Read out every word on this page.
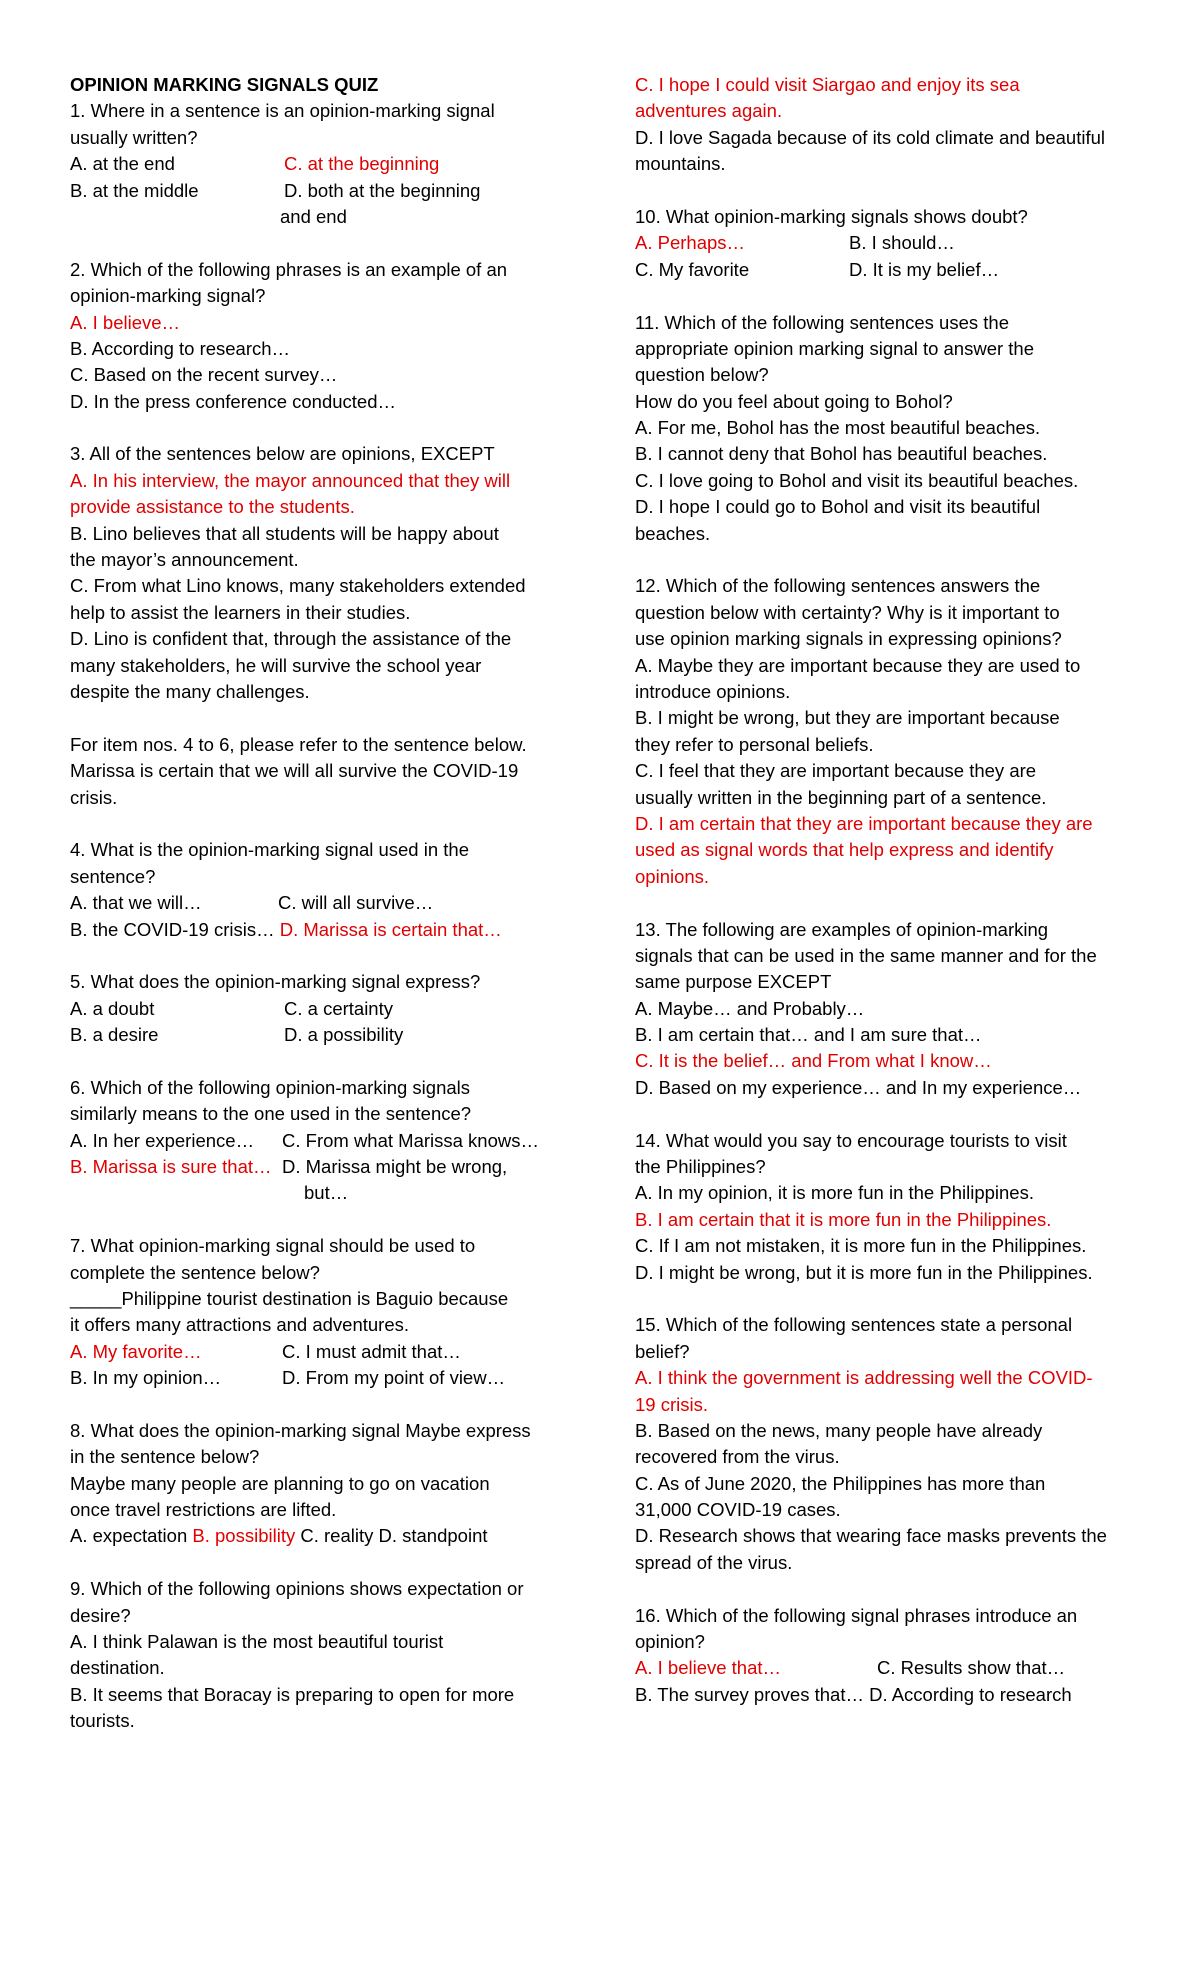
OPINION MARKING SIGNALS QUIZ
1. Where in a sentence is an opinion-marking signal
usually written?
A. at the end	C. at the beginning
B. at the middle	D. both at the beginning
and end
2. Which of the following phrases is an example of an
opinion-marking signal?
A. I believe…
B. According to research…
C. Based on the recent survey…
D. In the press conference conducted…
3. All of the sentences below are opinions, EXCEPT
A. In his interview, the mayor announced that they will
provide assistance to the students.
B. Lino believes that all students will be happy about
the mayor’s announcement.
C. From what Lino knows, many stakeholders extended
help to assist the learners in their studies.
D. Lino is confident that, through the assistance of the
many stakeholders, he will survive the school year
despite the many challenges.
For item nos. 4 to 6, please refer to the sentence below.
Marissa is certain that we will all survive the COVID-19
crisis.
4. What is the opinion-marking signal used in the
sentence?
A. that we will…	C. will all survive…
B. the COVID-19 crisis… D. Marissa is certain that…
5. What does the opinion-marking signal express?
A. a doubt	C. a certainty
B. a desire	D. a possibility
6. Which of the following opinion-marking signals
similarly means to the one used in the sentence?
A. In her experience… C. From what Marissa knows…
B. Marissa is sure that… D. Marissa might be wrong,
but…
7. What opinion-marking signal should be used to
complete the sentence below?
_____Philippine tourist destination is Baguio because
it offers many attractions and adventures.
A. My favorite…	C. I must admit that…
B. In my opinion…	D. From my point of view…
8. What does the opinion-marking signal Maybe express
in the sentence below?
Maybe many people are planning to go on vacation
once travel restrictions are lifted.
A. expectation B. possibility C. reality D. standpoint
9. Which of the following opinions shows expectation or
desire?
A. I think Palawan is the most beautiful tourist
destination.
B. It seems that Boracay is preparing to open for more
tourists.
C. I hope I could visit Siargao and enjoy its sea
adventures again.
D. I love Sagada because of its cold climate and beautiful
mountains.
10. What opinion-marking signals shows doubt?
A. Perhaps…	B. I should…
C. My favorite	D. It is my belief…
11. Which of the following sentences uses the
appropriate opinion marking signal to answer the
question below?
How do you feel about going to Bohol?
A. For me, Bohol has the most beautiful beaches.
B. I cannot deny that Bohol has beautiful beaches.
C. I love going to Bohol and visit its beautiful beaches.
D. I hope I could go to Bohol and visit its beautiful
beaches.
12. Which of the following sentences answers the
question below with certainty? Why is it important to
use opinion marking signals in expressing opinions?
A. Maybe they are important because they are used to
introduce opinions.
B. I might be wrong, but they are important because
they refer to personal beliefs.
C. I feel that they are important because they are
usually written in the beginning part of a sentence.
D. I am certain that they are important because they are
used as signal words that help express and identify
opinions.
13. The following are examples of opinion-marking
signals that can be used in the same manner and for the
same purpose EXCEPT
A. Maybe… and Probably…
B. I am certain that… and I am sure that…
C. It is the belief… and From what I know…
D. Based on my experience… and In my experience…
14. What would you say to encourage tourists to visit
the Philippines?
A. In my opinion, it is more fun in the Philippines.
B. I am certain that it is more fun in the Philippines.
C. If I am not mistaken, it is more fun in the Philippines.
D. I might be wrong, but it is more fun in the Philippines.
15. Which of the following sentences state a personal
belief?
A. I think the government is addressing well the COVID-
19 crisis.
B. Based on the news, many people have already
recovered from the virus.
C. As of June 2020, the Philippines has more than
31,000 COVID-19 cases.
D. Research shows that wearing face masks prevents the
spread of the virus.
16. Which of the following signal phrases introduce an
opinion?
A. I believe that…	C. Results show that…
B. The survey proves that… D. According to research
